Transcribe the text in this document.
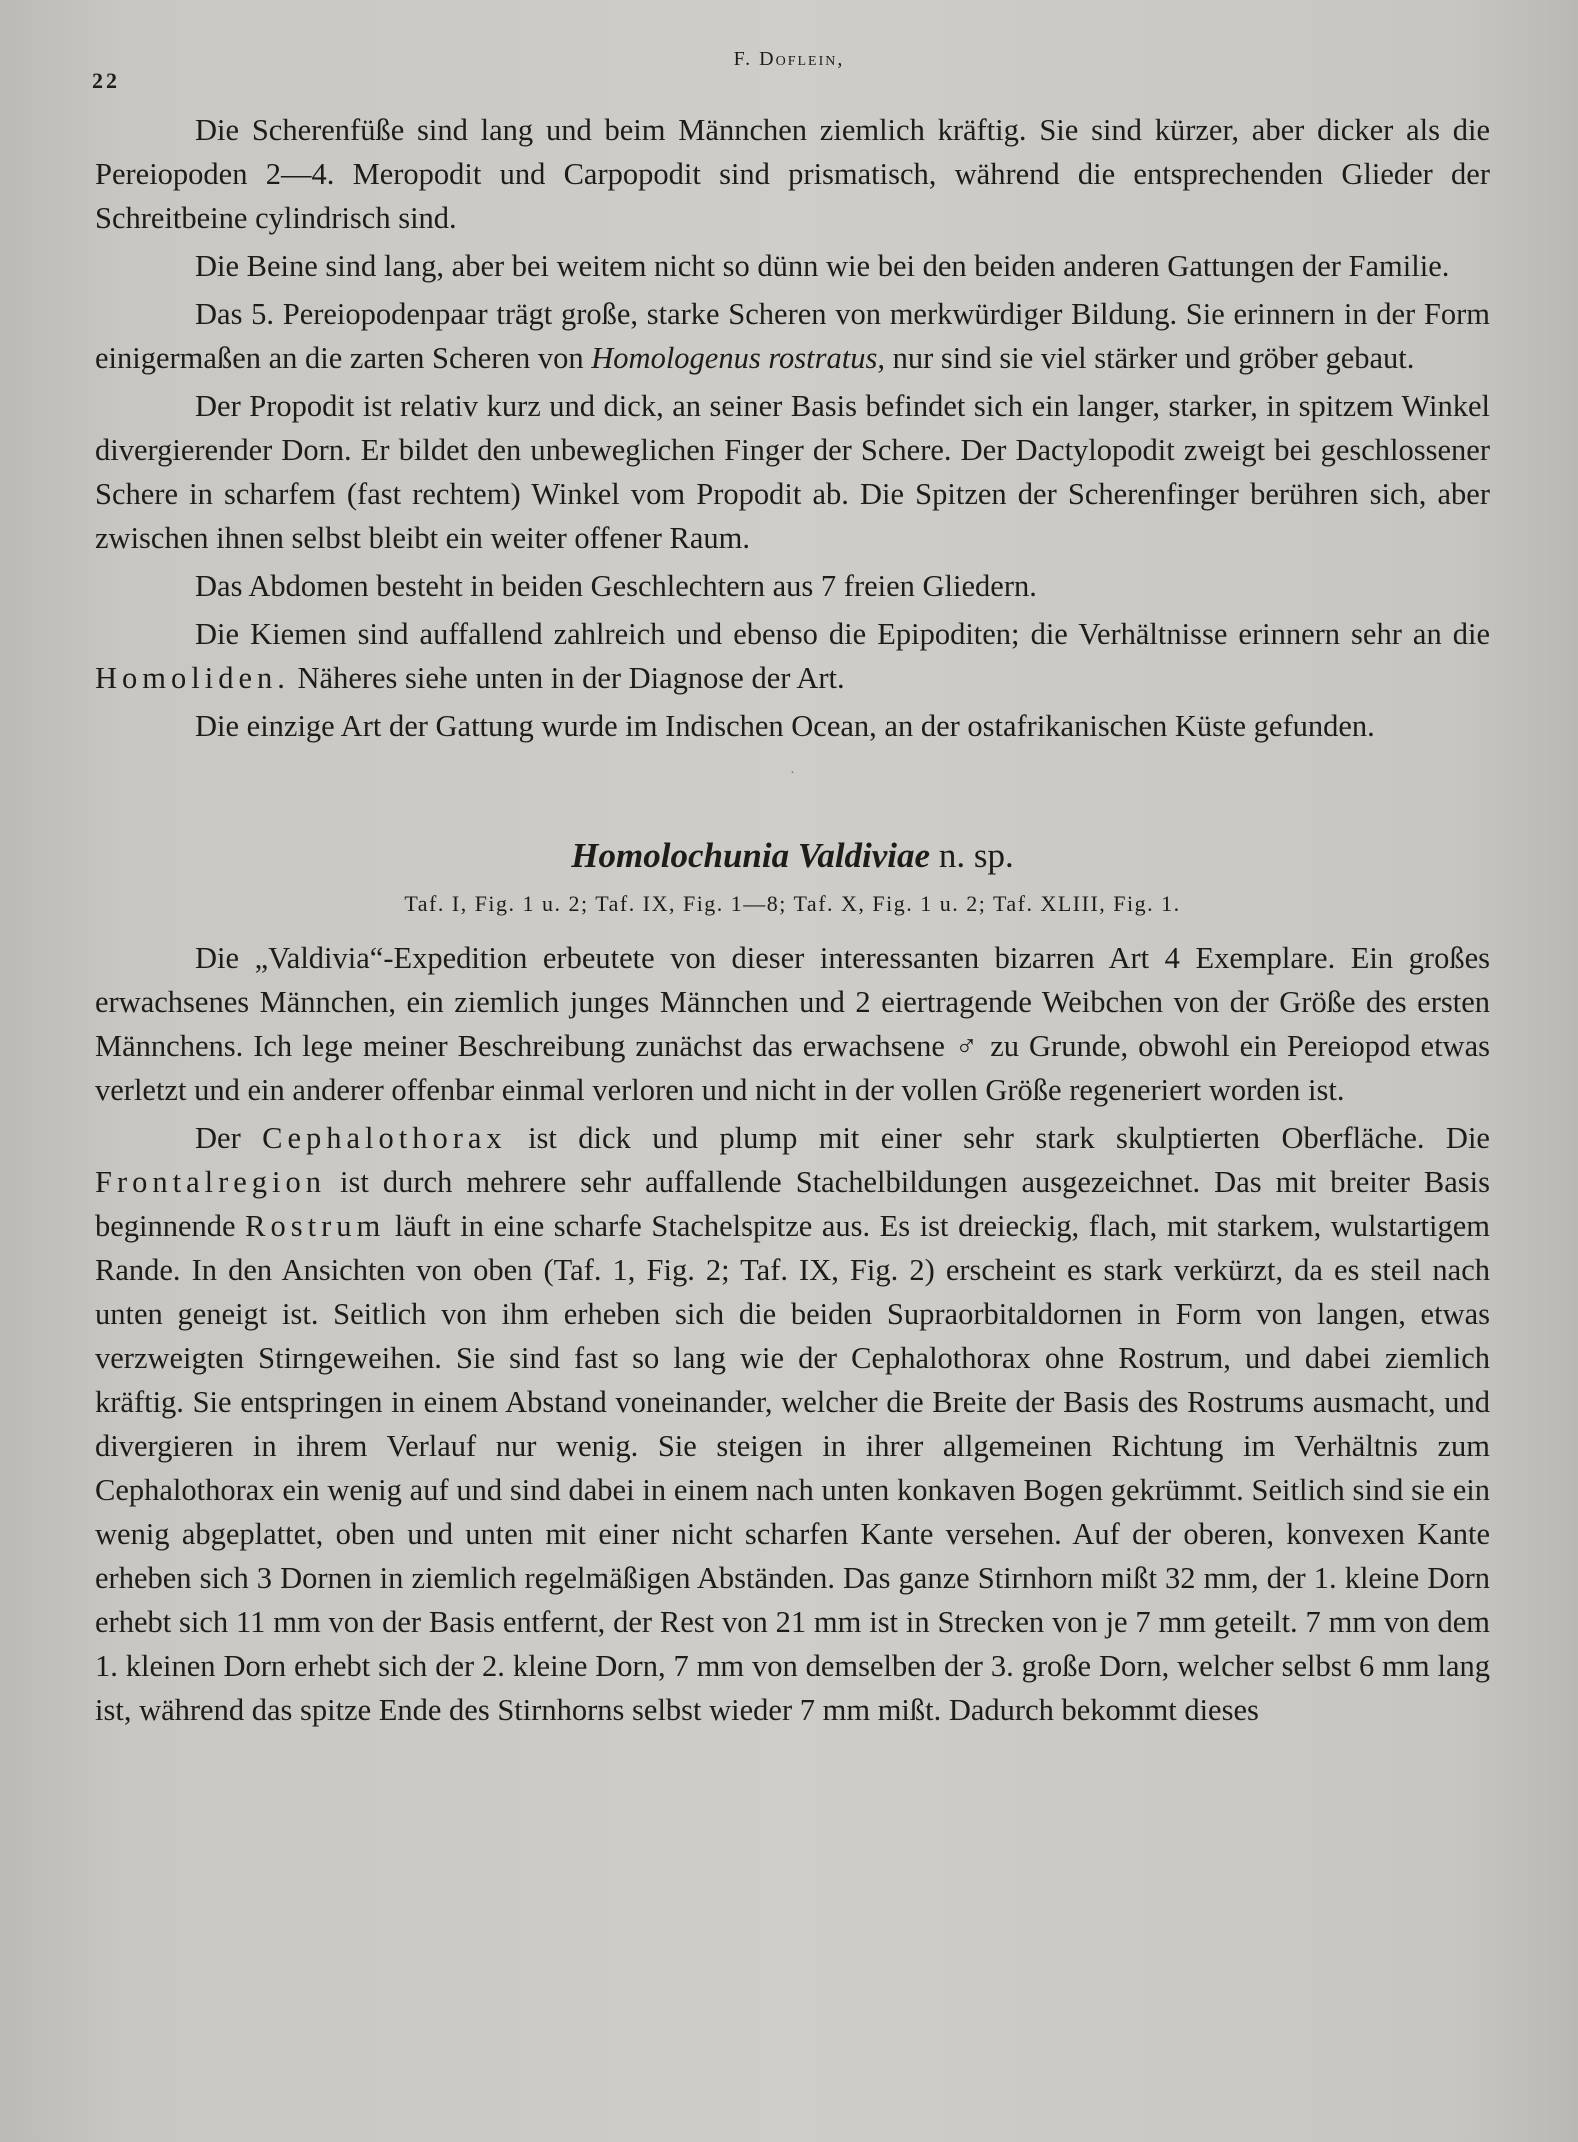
22
F. Doflein,

Die Scherenfüße sind lang und beim Männchen ziemlich kräftig. Sie sind kürzer, aber dicker als die Pereiopoden 2—4. Meropodit und Carpopodit sind prismatisch, während die entsprechenden Glieder der Schreitbeine cylindrisch sind.

Die Beine sind lang, aber bei weitem nicht so dünn wie bei den beiden anderen Gattungen der Familie.

Das 5. Pereiopodenpaar trägt große, starke Scheren von merkwürdiger Bildung. Sie erinnern in der Form einigermaßen an die zarten Scheren von Homologenus rostratus, nur sind sie viel stärker und gröber gebaut.

Der Propodit ist relativ kurz und dick, an seiner Basis befindet sich ein langer, starker, in spitzem Winkel divergierender Dorn. Er bildet den unbeweglichen Finger der Schere. Der Dactylopodit zweigt bei geschlossener Schere in scharfem (fast rechtem) Winkel vom Propodit ab. Die Spitzen der Scherenfinger berühren sich, aber zwischen ihnen selbst bleibt ein weiter offener Raum.

Das Abdomen besteht in beiden Geschlechtern aus 7 freien Gliedern.

Die Kiemen sind auffallend zahlreich und ebenso die Epipoditen; die Verhältnisse erinnern sehr an die Homoliden. Näheres siehe unten in der Diagnose der Art.

Die einzige Art der Gattung wurde im Indischen Ocean, an der ostafrikanischen Küste gefunden.

·
Homolochunia Valdiviae n. sp.
Taf. I, Fig. 1 u. 2; Taf. IX, Fig. 1—8; Taf. X, Fig. 1 u. 2; Taf. XLIII, Fig. 1.

Die „Valdivia“-Expedition erbeutete von dieser interessanten bizarren Art 4 Exemplare. Ein großes erwachsenes Männchen, ein ziemlich junges Männchen und 2 eiertragende Weibchen von der Größe des ersten Männchens. Ich lege meiner Beschreibung zunächst das erwachsene ♂ zu Grunde, obwohl ein Pereiopod etwas verletzt und ein anderer offenbar einmal verloren und nicht in der vollen Größe regeneriert worden ist.

Der Cephalothorax ist dick und plump mit einer sehr stark skulptierten Oberfläche. Die Frontalregion ist durch mehrere sehr auffallende Stachelbildungen ausgezeichnet. Das mit breiter Basis beginnende Rostrum läuft in eine scharfe Stachelspitze aus. Es ist dreieckig, flach, mit starkem, wulstartigem Rande. In den Ansichten von oben (Taf. 1, Fig. 2; Taf. IX, Fig. 2) erscheint es stark verkürzt, da es steil nach unten geneigt ist. Seitlich von ihm erheben sich die beiden Supraorbitaldornen in Form von langen, etwas verzweigten Stirngeweihen. Sie sind fast so lang wie der Cephalothorax ohne Rostrum, und dabei ziemlich kräftig. Sie entspringen in einem Abstand voneinander, welcher die Breite der Basis des Rostrums ausmacht, und divergieren in ihrem Verlauf nur wenig. Sie steigen in ihrer allgemeinen Richtung im Verhältnis zum Cephalothorax ein wenig auf und sind dabei in einem nach unten konkaven Bogen gekrümmt. Seitlich sind sie ein wenig abgeplattet, oben und unten mit einer nicht scharfen Kante versehen. Auf der oberen, konvexen Kante erheben sich 3 Dornen in ziemlich regelmäßigen Abständen. Das ganze Stirnhorn mißt 32 mm, der 1. kleine Dorn erhebt sich 11 mm von der Basis entfernt, der Rest von 21 mm ist in Strecken von je 7 mm geteilt. 7 mm von dem 1. kleinen Dorn erhebt sich der 2. kleine Dorn, 7 mm von demselben der 3. große Dorn, welcher selbst 6 mm lang ist, während das spitze Ende des Stirnhorns selbst wieder 7 mm mißt. Dadurch bekommt dieses
